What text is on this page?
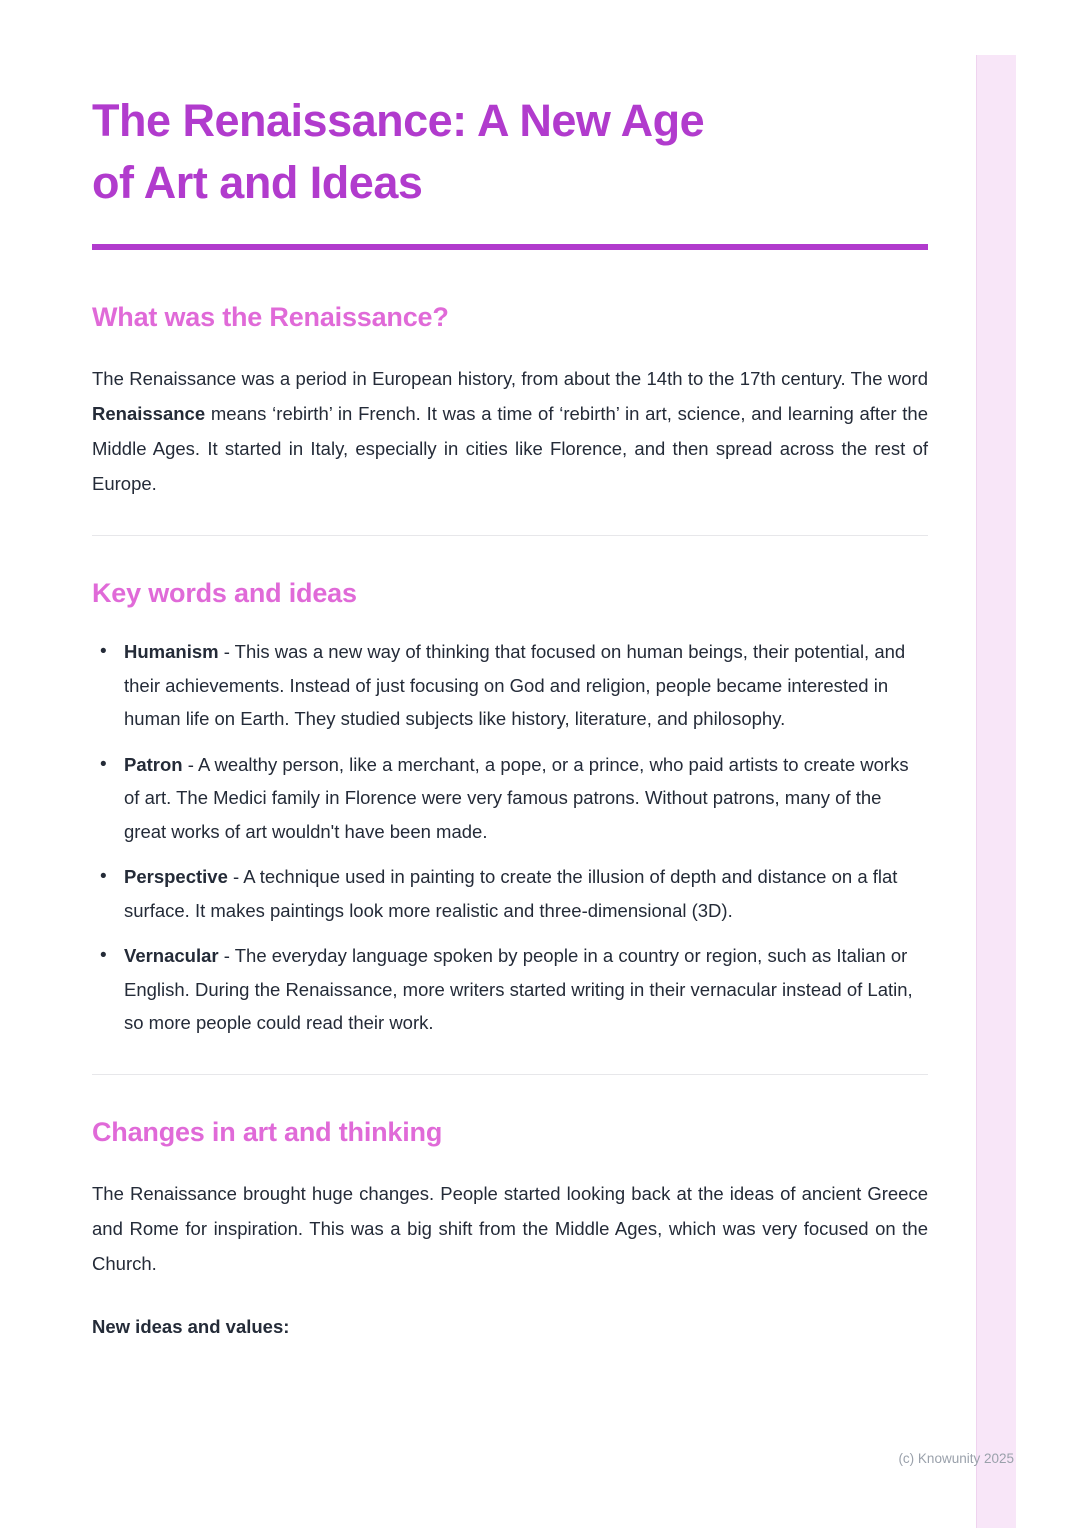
The Renaissance: A New Age
of Art and Ideas
What was the Renaissance?

The Renaissance was a period in European history, from about the 14th to the 17th century. The word Renaissance means ‘rebirth’ in French. It was a time of ‘rebirth’ in art, science, and learning after the Middle Ages. It started in Italy, especially in cities like Florence, and then spread across the rest of Europe.

Key words and ideas
• Humanism - This was a new way of thinking that focused on human beings, their potential, and their achievements. Instead of just focusing on God and religion, people became interested in human life on Earth. They studied subjects like history, literature, and philosophy.
• Patron - A wealthy person, like a merchant, a pope, or a prince, who paid artists to create works of art. The Medici family in Florence were very famous patrons. Without patrons, many of the great works of art wouldn't have been made.
• Perspective - A technique used in painting to create the illusion of depth and distance on a flat surface. It makes paintings look more realistic and three-dimensional (3D).
• Vernacular - The everyday language spoken by people in a country or region, such as Italian or English. During the Renaissance, more writers started writing in their vernacular instead of Latin, so more people could read their work.
Changes in art and thinking

The Renaissance brought huge changes. People started looking back at the ideas of ancient Greece and Rome for inspiration. This was a big shift from the Middle Ages, which was very focused on the Church.

New ideas and values:

(c) Knowunity 2025
